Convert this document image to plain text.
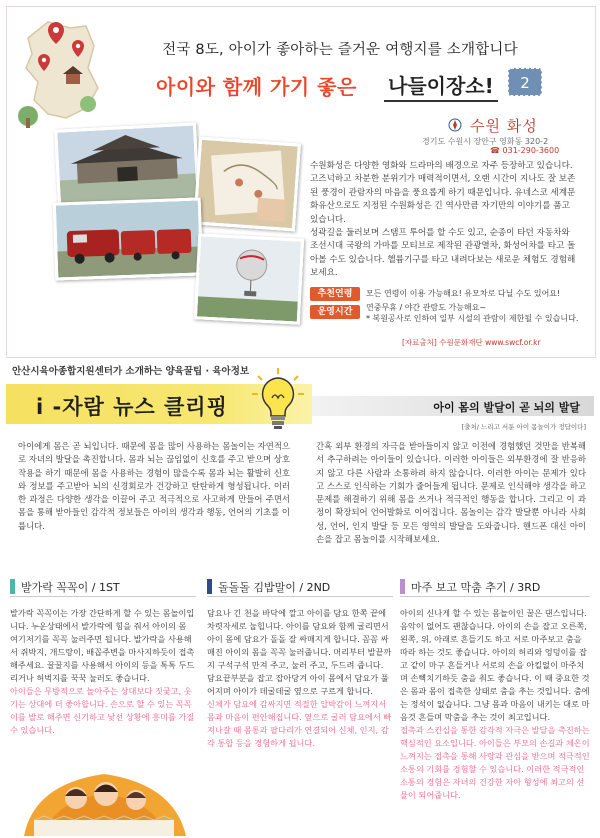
전국 8도, 아이가 좋아하는 즐거운 여행지를 소개합니다
아이와 함께 가기 좋은 나들이장소! 2
수원 화성
경기도 수원시 장안구 영화동 320-2
☎ 031-290-3600

수원화성은 다양한 영화와 드라마의 배경으로 자주 등장하고 있습니다. 고즈넉하고 차분한 분위기가 매력적이면서, 오랜 시간이 지나도 잘 보존된 풍경이 관람자의 마음을 풍요롭게 하기 때문입니다. 유네스코 세계문화유산으로도 지정된 수원화성은 긴 역사만큼 자기만의 이야기를 품고 있습니다.

성곽길을 둘러보며 스탬프 투어를 할 수도 있고, 순종이 타던 자동차와 조선시대 국왕의 가마를 모티브로 제작된 관광열차, 화성어차를 타고 돌아볼 수도 있습니다. 헬륨기구를 타고 내려다보는 새로운 체험도 경험해보세요.

추천연령	모든 연령이 이용 가능해요! 유모차로 다닐 수도 있어요!
운영시간	연중무휴 / 야간 관람도 가능해요~
* 복원공사로 인하여 일부 시설의 관람이 제한될 수 있습니다.
[자료출처] 수원문화재단 www.swcf.or.kr
안산시육아종합지원센터가 소개하는 양육꿀팁 · 육아정보
i -자람 뉴스 클리핑	아이 몸의 발달이 곧 뇌의 발달
[출처/ 느리고 서툰 아이 몸놀이가 정답이다]
아이에게 몸은 곧 뇌입니다. 때문에 몸을 많이 사용하는 몸놀이는 자연적으로 자녀의 발달을 촉진합니다. 몸과 뇌는 끊임없이 신호를 주고 받으며 상호작용을 하기 때문에 몸을 사용하는 경험이 많을수록 몸과 뇌는 활발히 신호와 정보를 주고받아 뇌의 신경회로가 건강하고 탄탄하게 형성됩니다. 이러한 과정은 다양한 생각을 이끌어 주고 적극적으로 사고하게 만들어 주면서 몸을 통해 받아들인 감각적 정보들은 아이의 생각과 행동, 언어의 기초를 이룹니다.
간혹 외부 환경의 자극을 받아들이지 않고 이전에 경험했던 것만을 반복해서 추구하려는 아이들이 있습니다. 이러한 아이들은 외부환경에 잘 반응하지 않고 다른 사람과 소통하려 하지 않습니다. 이러한 아이는 문제가 있다고 스스로 인식하는 기회가 줄어들게 됩니다. 문제로 인식해야 생각을 하고 문제를 해결하기 위해 몸을 쓰거나 적극적인 행동을 합니다. 그리고 이 과정이 확장되어 언어발화로 이어집니다. 몸놀이는 감각 발달뿐 아니라 사회성, 언어, 인지 발달 등 모든 영역의 발달을 도와줍니다. 핸드폰 대신 아이 손을 잡고 몸놀이를 시작해보세요.
발가락 꼭꼭이 / 1ST

발가락 꼭꼭이는 가장 간단하게 할 수 있는 몸놀이입니다. 누운상태에서 발가락에 힘을 줘서 아이의 몸 여기저기를 꼭꼭 눌러주면 됩니다. 발가락을 사용해서 쥐박지, 개드랑이, 배꼽주변을 마사지하듯이 접촉해주세요. 꿀꿀지를 사용해서 아이의 등을 톡톡 두드리거나 허벅지를 꾹꾹 눌러도 좋습니다.

아이들은 무방적으로 놀아주는 상대보다 짓궂고, 웃기는 상대에 더 좋아합니다. 손으로 할 수 있는 꼭꼭이를 발로 해주면 신기하고 낯선 상황에 흥미를 가질 수 있습니다.

돌돌돌 김밥말이 / 2ND

담요나 긴 천을 바닥에 깔고 아이를 담요 한쪽 끝에 차렷자세로 눕힙니다. 아이를 담요와 함께 굴리면서 아이 몸에 담요가 돌돌 잘 싸매지게 합니다. 꼼꼼 싸매진 아이의 몸을 꼭꼭 눌러줍니다. 머리부터 발끝까지 구석구석 만져 주고, 눌러 주고, 두드려 줍니다. 담요끝부분을 잡고 잡아당겨 아이 몸에서 담요가 풀어지며 아이가 데굴데굴 옆으로 구르게 합니다.

신체가 담요에 감싸지면 적절한 압박감이 느껴지서 몸과 마음이 편안해집니다. 옆으로 굴러 담요에서 빠져나갈 때 몸통과 팔다리가 연결되어 신체, 인지, 감각 통합 등을 경험하게 됩니다.

마주 보고 막춤 추기 / 3RD

아이의 신나게 할 수 있는 몸놀이인 꿀은 댄스입니다. 음악이 없어도 괜찮습니다. 아이의 손을 잡고 오른쪽, 왼쪽, 위, 아래로 흔들기도 하고 서로 마주보고 춤을 따라 하는 것도 좋습니다. 아이의 허리와 엉덩이를 잡고 같이 마구 흔들거나 서로의 손을 아킬없이 마주치며 손뼉치기하듯 춤을 춰도 좋습니다. 이 때 중요한 것은 몸과 몸이 접촉한 상태로 춤을 추는 것입니다. 춤에는 정석이 없습니다. 그냥 몸과 마음이 내키는 대로 마음것 흔들며 막춤을 추는 것이 최고입니다.

접촉과 스킨십을 통한 감각적 자극은 발달을 촉진하는 핵심적인 요소입니다. 아이들은 부모의 손길과 체온이 느껴지는 접촉을 통해 사랑과 관심을 받으며 적극적인 소통의 기회를 경험할 수 있습니다. 이러한 적극적인 소통의 경험은 자녀의 건강한 자아 형성에 최고의 선물이 되어줍니다.
